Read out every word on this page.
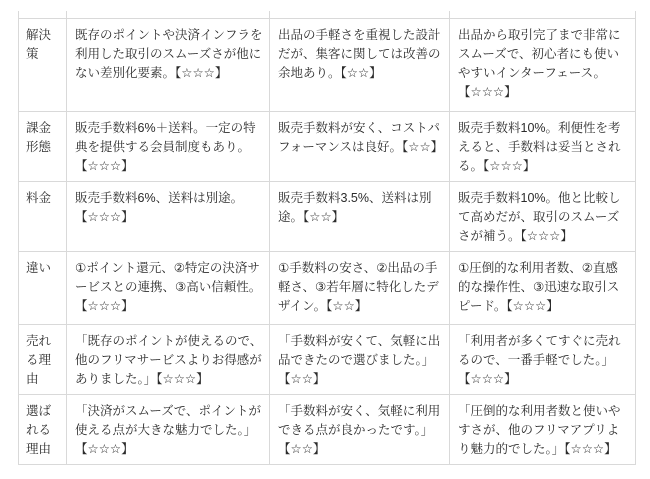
解決策	既存のポイントや決済インフラを利用した取引のスムーズさが他にない差別化要素。【☆☆☆】	出品の手軽さを重視した設計だが、集客に関しては改善の余地あり。【☆☆】	出品から取引完了まで非常にスムーズで、初心者にも使いやすいインターフェース。【☆☆☆】
課金形態	販売手数料6%＋送料。一定の特典を提供する会員制度もあり。【☆☆☆】	販売手数料が安く、コストパフォーマンスは良好。【☆☆】	販売手数料10%。利便性を考えると、手数料は妥当とされる。【☆☆☆】
料金	販売手数料6%、送料は別途。【☆☆☆】	販売手数料3.5%、送料は別途。【☆☆】	販売手数料10%。他と比較して高めだが、取引のスムーズさが補う。【☆☆☆】
違い	①ポイント還元、②特定の決済サービスとの連携、③高い信頼性。【☆☆☆】	①手数料の安さ、②出品の手軽さ、③若年層に特化したデザイン。【☆☆】	①圧倒的な利用者数、②直感的な操作性、③迅速な取引スピード。【☆☆☆】
売れる理由	「既存のポイントが使えるので、他のフリマサービスよりお得感がありました。」【☆☆☆】	「手数料が安くて、気軽に出品できたので選びました。」【☆☆】	「利用者が多くてすぐに売れるので、一番手軽でした。」【☆☆☆】
選ばれる理由	「決済がスムーズで、ポイントが使える点が大きな魅力でした。」【☆☆☆】	「手数料が安く、気軽に利用できる点が良かったです。」【☆☆】	「圧倒的な利用者数と使いやすさが、他のフリマアプリより魅力的でした。」【☆☆☆】
